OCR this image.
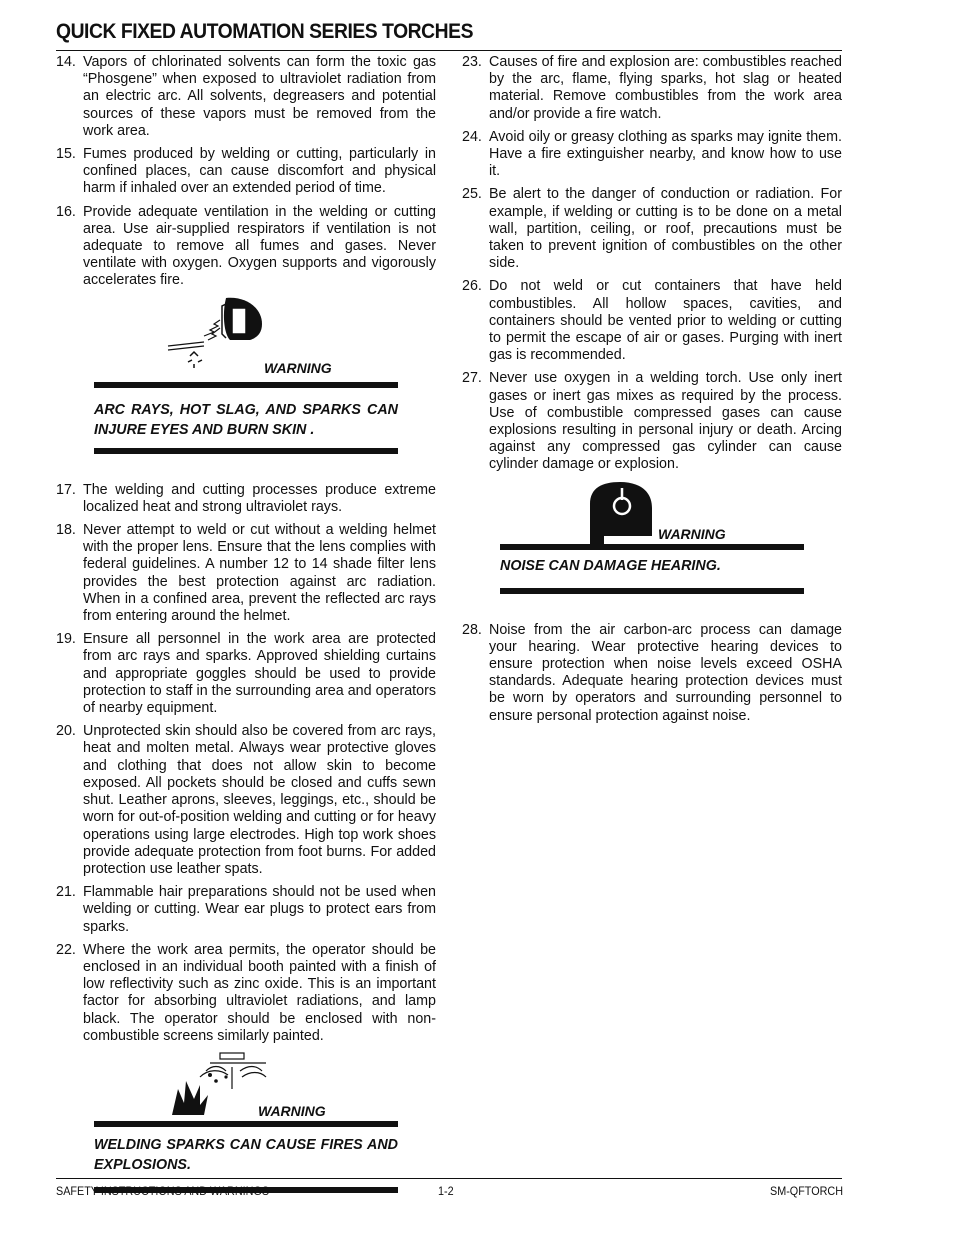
QUICK FIXED AUTOMATION SERIES TORCHES
14. Vapors of chlorinated solvents can form the toxic gas “Phosgene” when exposed to ultraviolet radiation from an electric arc. All solvents, degreasers and potential sources of these vapors must be removed from the work area.
15. Fumes produced by welding or cutting, particularly in confined places, can cause discomfort and physical harm if inhaled over an extended period of time.
16. Provide adequate ventilation in the welding or cutting area. Use air-supplied respirators if ventilation is not adequate to remove all fumes and gases. Never ventilate with oxygen. Oxygen supports and vigorously accelerates fire.
WARNING
ARC RAYS, HOT SLAG, AND SPARKS CAN INJURE EYES AND BURN SKIN .
17. The welding and cutting processes produce extreme localized heat and strong ultraviolet rays.
18. Never attempt to weld or cut without a welding helmet with the proper lens. Ensure that the lens complies with federal guidelines. A number 12 to 14 shade filter lens provides the best protection against arc radiation. When in a confined area, prevent the reflected arc rays from entering around the helmet.
19. Ensure all personnel in the work area are protected from arc rays and sparks. Approved shielding curtains and appropriate goggles should be used to provide protection to staff in the surrounding area and operators of nearby equipment.
20. Unprotected skin should also be covered from arc rays, heat and molten metal. Always wear protective gloves and clothing that does not allow skin to become exposed. All pockets should be closed and cuffs sewn shut. Leather aprons, sleeves, leggings, etc., should be worn for out-of-position welding and cutting or for heavy operations using large electrodes. High top work shoes provide adequate protection from foot burns. For added protection use leather spats.
21. Flammable hair preparations should not be used when welding or cutting. Wear ear plugs to protect ears from sparks.
22. Where the work area permits, the operator should be enclosed in an individual booth painted with a finish of low reflectivity such as zinc oxide. This is an important factor for absorbing ultraviolet radiations, and lamp black. The operator should be enclosed with non-combustible screens similarly painted.
WARNING
WELDING SPARKS CAN CAUSE FIRES AND EXPLOSIONS.
23. Causes of fire and explosion are: combustibles reached by the arc, flame, flying sparks, hot slag or heated material. Remove combustibles from the work area and/or provide a fire watch.
24. Avoid oily or greasy clothing as sparks may ignite them. Have a fire extinguisher nearby, and know how to use it.
25. Be alert to the danger of conduction or radiation. For example, if welding or cutting is to be done on a metal wall, partition, ceiling, or roof, precautions must be taken to prevent ignition of combustibles on the other side.
26. Do not weld or cut containers that have held combustibles. All hollow spaces, cavities, and containers should be vented prior to welding or cutting to permit the escape of air or gases. Purging with inert gas is recommended.
27. Never use oxygen in a welding torch. Use only inert gases or inert gas mixes as required by the process. Use of combustible compressed gases can cause explosions resulting in personal injury or death. Arcing against any compressed gas cylinder can cause cylinder damage or explosion.
WARNING
NOISE CAN DAMAGE HEARING.
28. Noise from the air carbon-arc process can damage your hearing. Wear protective hearing devices to ensure protection when noise levels exceed OSHA standards. Adequate hearing protection devices must be worn by operators and surrounding personnel to ensure personal protection against noise.
SAFETY INSTRUCTIONS AND WARNINGS	1-2	SM-QFTORCH
